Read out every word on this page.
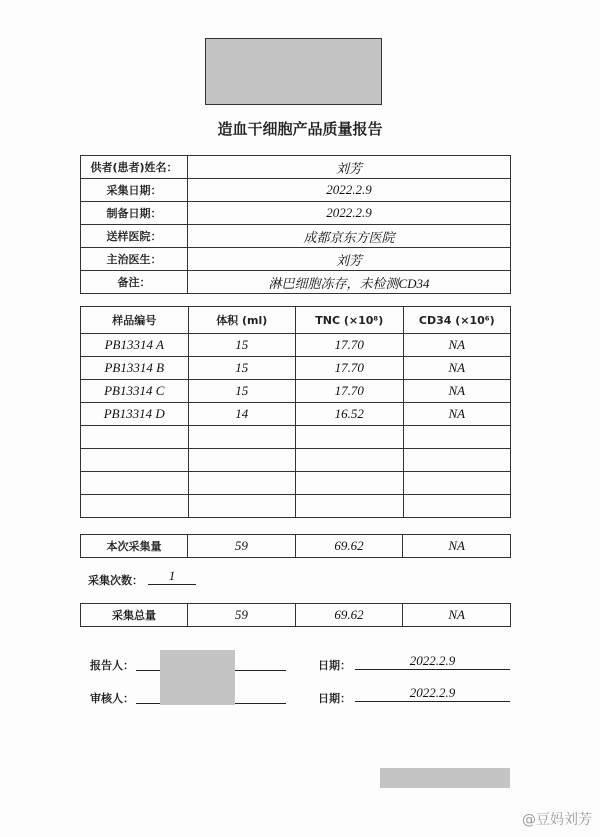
造血干细胞产品质量报告
供者(患者)姓名：	刘芳
采集日期：	2022.2.9
制备日期：	2022.2.9
送样医院：	成都京东方医院
主治医生：	刘芳
备注：	淋巴细胞冻存，未检测CD34
样品编号	体积 (ml)	TNC (×10⁸)	CD34 (×10⁶)
PB13314 A	15	17.70	NA
PB13314 B	15	17.70	NA
PB13314 C	15	17.70	NA
PB13314 D	14	16.52	NA

本次采集量	59	69.62	NA
采集次数：	1
采集总量	59	69.62	NA
报告人：
审核人：
日期：	2022.2.9
日期：	2022.2.9
@豆妈刘芳
